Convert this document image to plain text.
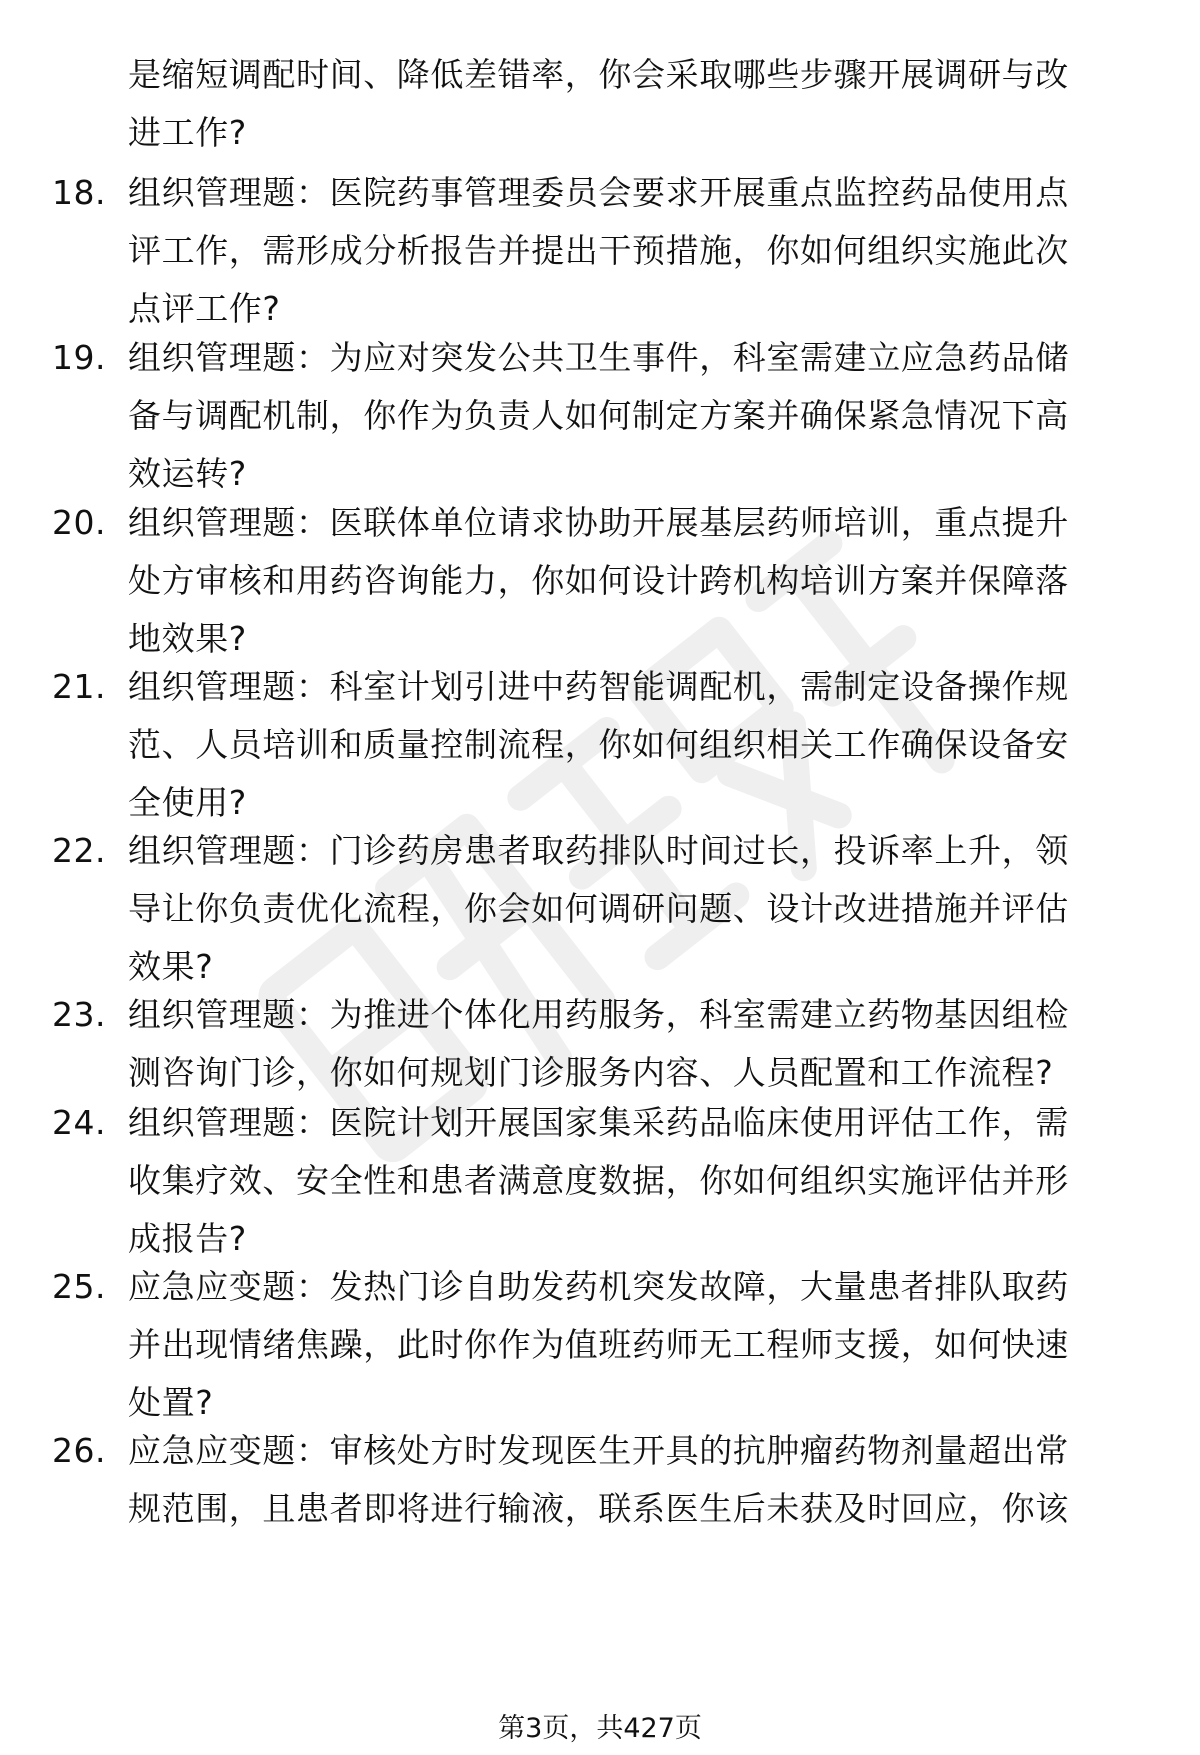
是缩短调配时间、降低差错率，你会采取哪些步骤开展调研与改
进工作?
18. 组织管理题：医院药事管理委员会要求开展重点监控药品使用点
评工作，需形成分析报告并提出干预措施，你如何组织实施此次
点评工作?
19. 组织管理题：为应对突发公共卫生事件，科室需建立应急药品储
备与调配机制，你作为负责人如何制定方案并确保紧急情况下高
效运转?
20. 组织管理题：医联体单位请求协助开展基层药师培训，重点提升
处方审核和用药咨询能力，你如何设计跨机构培训方案并保障落
地效果?
21. 组织管理题：科室计划引进中药智能调配机，需制定设备操作规
范、人员培训和质量控制流程，你如何组织相关工作确保设备安
全使用?
22. 组织管理题：门诊药房患者取药排队时间过长，投诉率上升，领
导让你负责优化流程，你会如何调研问题、设计改进措施并评估
效果?
23. 组织管理题：为推进个体化用药服务，科室需建立药物基因组检
测咨询门诊，你如何规划门诊服务内容、人员配置和工作流程?
24. 组织管理题：医院计划开展国家集采药品临床使用评估工作，需
收集疗效、安全性和患者满意度数据，你如何组织实施评估并形
成报告?
25. 应急应变题：发热门诊自助发药机突发故障，大量患者排队取药
并出现情绪焦躁，此时你作为值班药师无工程师支援，如何快速
处置?
26. 应急应变题：审核处方时发现医生开具的抗肿瘤药物剂量超出常
规范围，且患者即将进行输液，联系医生后未获及时回应，你该
第3页，共427页
